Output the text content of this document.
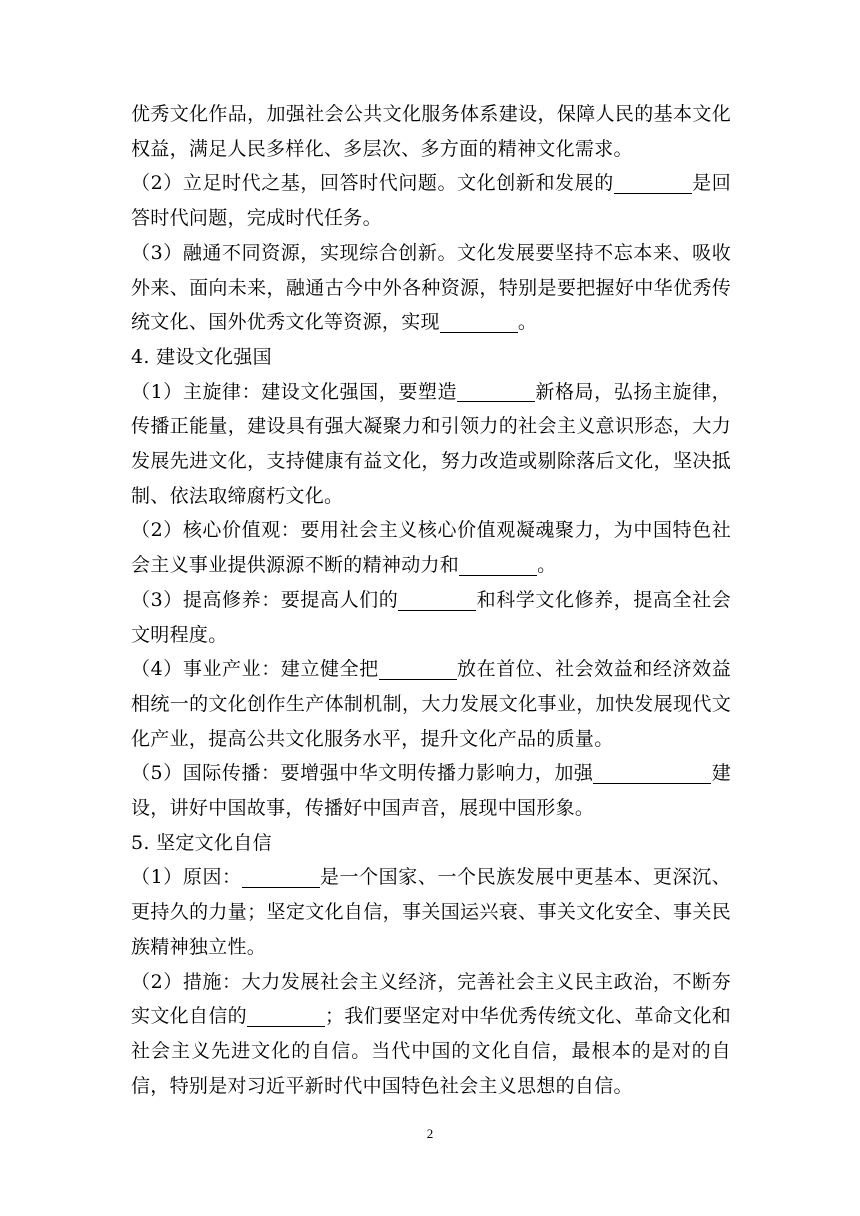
优秀文化作品，加强社会公共文化服务体系建设，保障人民的基本文化权益，满足人民多样化、多层次、多方面的精神文化需求。

（2）立足时代之基，回答时代问题。文化创新和发展的	是回答时代问题，完成时代任务。

（3）融通不同资源，实现综合创新。文化发展要坚持不忘本来、吸收外来、面向未来，融通古今中外各种资源，特别是要把握好中华优秀传统文化、国外优秀文化等资源，实现	。

4. 建设文化强国

（1）主旋律：建设文化强国，要塑造	新格局，弘扬主旋律，传播正能量，建设具有强大凝聚力和引领力的社会主义意识形态，大力发展先进文化，支持健康有益文化，努力改造或剔除落后文化，坚决抵制、依法取缔腐朽文化。

（2）核心价值观：要用社会主义核心价值观凝魂聚力，为中国特色社会主义事业提供源源不断的精神动力和	。

（3）提高修养：要提高人们的	和科学文化修养，提高全社会文明程度。

（4）事业产业：建立健全把	放在首位、社会效益和经济效益相统一的文化创作生产体制机制，大力发展文化事业，加快发展现代文化产业，提高公共文化服务水平，提升文化产品的质量。

（5）国际传播：要增强中华文明传播力影响力，加强	建设，讲好中国故事，传播好中国声音，展现中国形象。

5. 坚定文化自信

（1）原因：	是一个国家、一个民族发展中更基本、更深沉、更持久的力量；坚定文化自信，事关国运兴衰、事关文化安全、事关民族精神独立性。

（2）措施：大力发展社会主义经济，完善社会主义民主政治，不断夯实文化自信的	；我们要坚定对中华优秀传统文化、革命文化和社会主义先进文化的自信。当代中国的文化自信，最根本的是对的自信，特别是对习近平新时代中国特色社会主义思想的自信。

2
